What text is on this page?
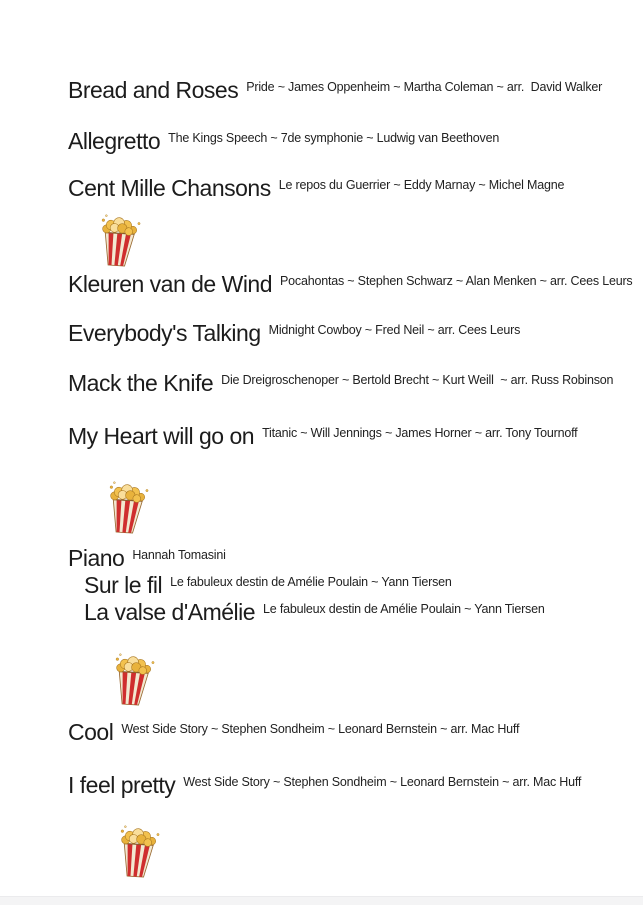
Bread and Roses Pride ~ James Oppenheim ~ Martha Coleman ~ arr.  David Walker
Allegretto The Kings Speech ~ 7de symphonie ~ Ludwig van Beethoven
Cent Mille Chansons Le repos du Guerrier ~ Eddy Marnay ~ Michel Magne
Kleuren van de Wind Pocahontas ~ Stephen Schwarz ~ Alan Menken ~ arr. Cees Leurs
Everybody's Talking Midnight Cowboy ~ Fred Neil ~ arr. Cees Leurs
Mack the Knife Die Dreigroschenoper ~ Bertold Brecht ~ Kurt Weill  ~ arr. Russ Robinson
My Heart will go on Titanic ~ Will Jennings ~ James Horner ~ arr. Tony Tournoff
Piano Hannah Tomasini
Sur le fil Le fabuleux destin de Amélie Poulain ~ Yann Tiersen
La valse d'Amélie Le fabuleux destin de Amélie Poulain ~ Yann Tiersen
Cool West Side Story ~ Stephen Sondheim ~ Leonard Bernstein ~ arr. Mac Huff
I feel pretty West Side Story ~ Stephen Sondheim ~ Leonard Bernstein ~ arr. Mac Huff
